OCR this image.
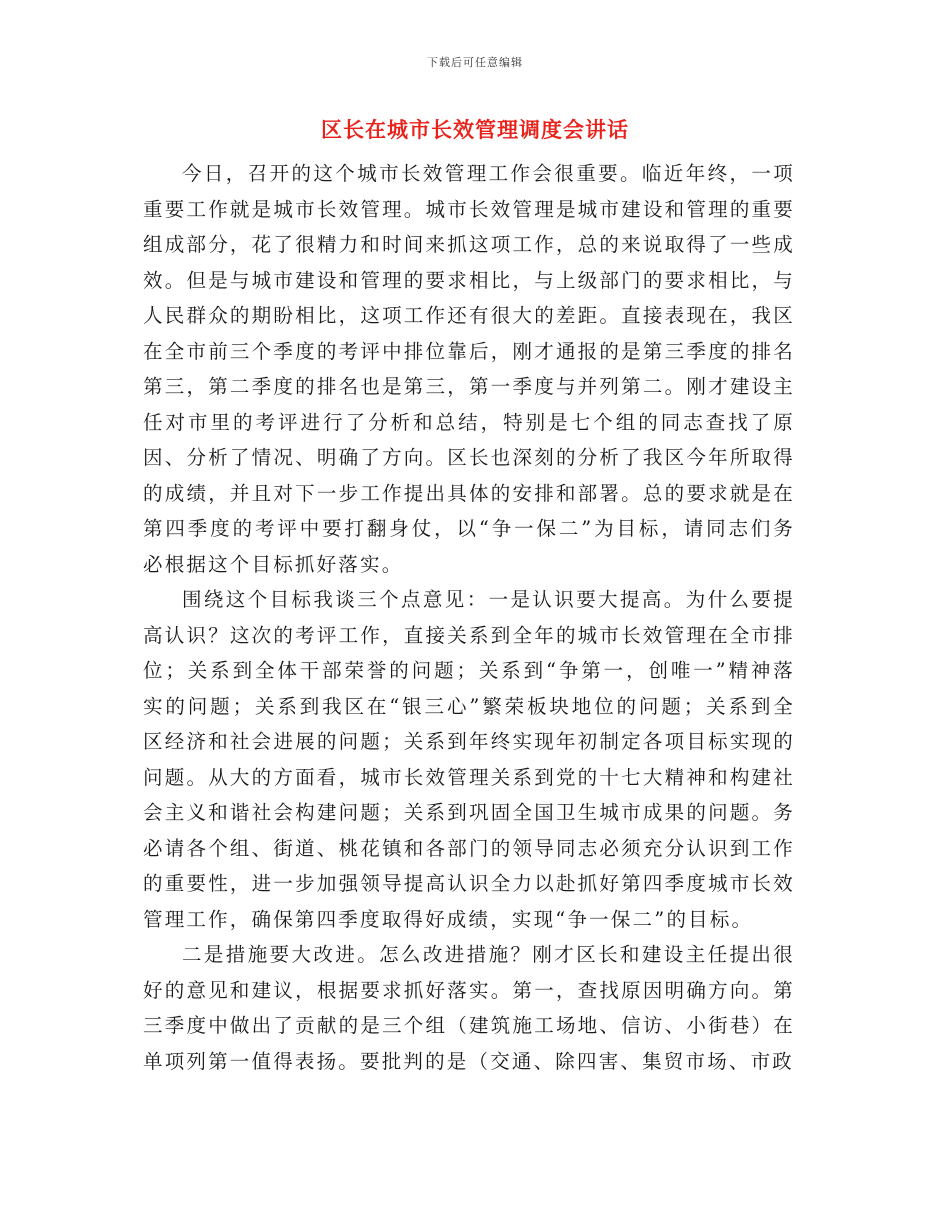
下载后可任意编辑
区长在城市长效管理调度会讲话

今日，召开的这个城市长效管理工作会很重要。临近年终，一项重要工作就是城市长效管理。城市长效管理是城市建设和管理的重要组成部分，花了很精力和时间来抓这项工作，总的来说取得了一些成效。但是与城市建设和管理的要求相比，与上级部门的要求相比，与人民群众的期盼相比，这项工作还有很大的差距。直接表现在，我区在全市前三个季度的考评中排位靠后，刚才通报的是第三季度的排名第三，第二季度的排名也是第三，第一季度与并列第二。刚才建设主任对市里的考评进行了分析和总结，特别是七个组的同志查找了原因、分析了情况、明确了方向。区长也深刻的分析了我区今年所取得的成绩，并且对下一步工作提出具体的安排和部署。总的要求就是在第四季度的考评中要打翻身仗，以“争一保二”为目标，请同志们务必根据这个目标抓好落实。

围绕这个目标我谈三个点意见：一是认识要大提高。为什么要提高认识？这次的考评工作，直接关系到全年的城市长效管理在全市排位；关系到全体干部荣誉的问题；关系到“争第一，创唯一”精神落实的问题；关系到我区在“银三心”繁荣板块地位的问题；关系到全区经济和社会进展的问题；关系到年终实现年初制定各项目标实现的问题。从大的方面看，城市长效管理关系到党的十七大精神和构建社会主义和谐社会构建问题；关系到巩固全国卫生城市成果的问题。务必请各个组、街道、桃花镇和各部门的领导同志必须充分认识到工作的重要性，进一步加强领导提高认识全力以赴抓好第四季度城市长效管理工作，确保第四季度取得好成绩，实现“争一保二”的目标。

二是措施要大改进。怎么改进措施？刚才区长和建设主任提出很好的意见和建议，根据要求抓好落实。第一，查找原因明确方向。第三季度中做出了贡献的是三个组（建筑施工场地、信访、小街巷）在单项列第一值得表扬。要批判的是（交通、除四害、集贸市场、市政
